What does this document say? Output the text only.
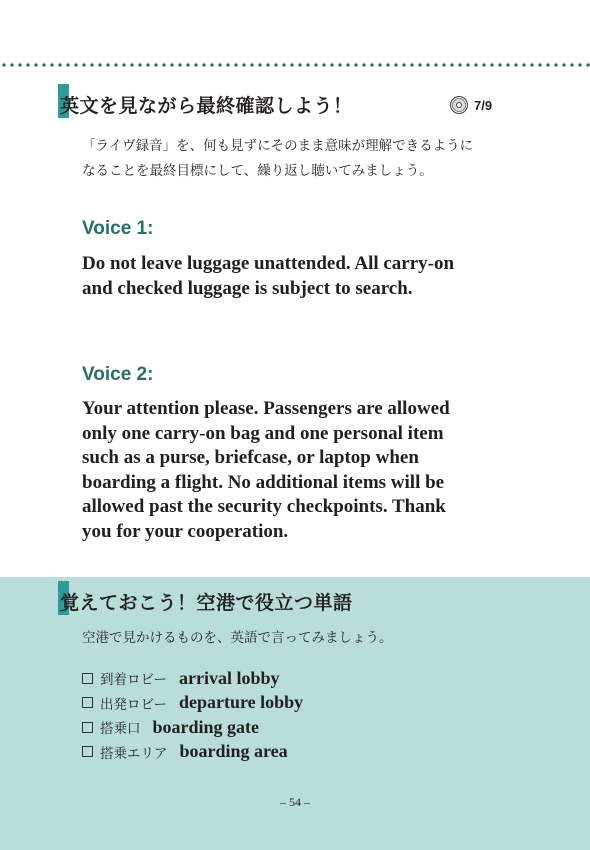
英文を見ながら最終確認しよう！	7/9

「ライヴ録音」を、何も見ずにそのまま意味が理解できるように

なることを最終目標にして、繰り返し聴いてみましょう。

Voice 1:

Do not leave luggage unattended. All carry-on

and checked luggage is subject to search.

Voice 2:

Your attention please. Passengers are allowed

only one carry-on bag and one personal item

such as a purse, briefcase, or laptop when

boarding a flight. No additional items will be

allowed past the security checkpoints. Thank

you for your cooperation.

覚えておこう！空港で役立つ単語
空港で見かけるものを、英語で言ってみましょう。
到着ロビー arrival lobby
出発ロビー departure lobby
搭乗口 boarding gate
搭乗エリア boarding area
– 54 –
